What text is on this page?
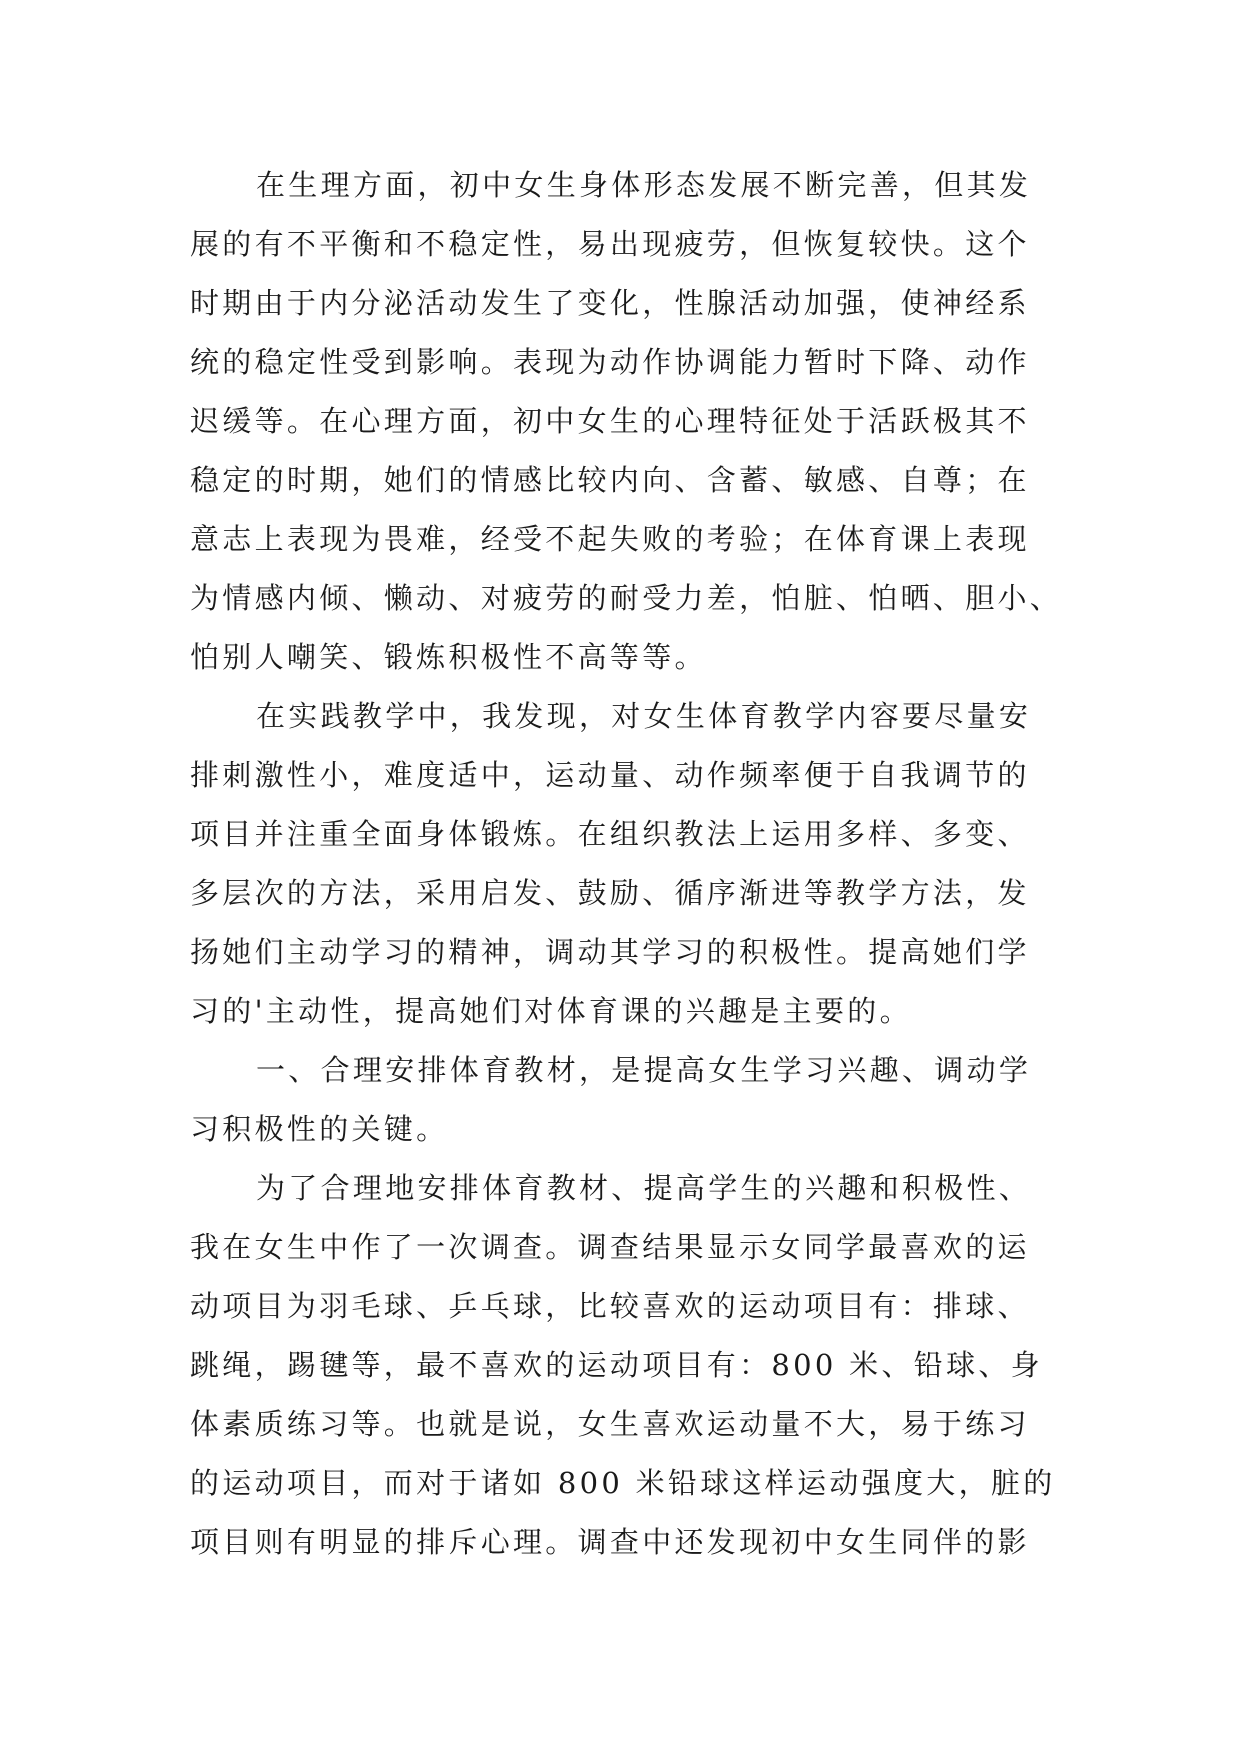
在生理方面，初中女生身体形态发展不断完善，但其发
展的有不平衡和不稳定性，易出现疲劳，但恢复较快。这个
时期由于内分泌活动发生了变化，性腺活动加强，使神经系
统的稳定性受到影响。表现为动作协调能力暂时下降、动作
迟缓等。在心理方面，初中女生的心理特征处于活跃极其不
稳定的时期，她们的情感比较内向、含蓄、敏感、自尊；在
意志上表现为畏难，经受不起失败的考验；在体育课上表现
为情感内倾、懒动、对疲劳的耐受力差，怕脏、怕晒、胆小、
怕别人嘲笑、锻炼积极性不高等等。
在实践教学中，我发现，对女生体育教学内容要尽量安
排刺激性小，难度适中，运动量、动作频率便于自我调节的
项目并注重全面身体锻炼。在组织教法上运用多样、多变、
多层次的方法，采用启发、鼓励、循序渐进等教学方法，发
扬她们主动学习的精神，调动其学习的积极性。提高她们学
习的'主动性，提高她们对体育课的兴趣是主要的。
一、合理安排体育教材，是提高女生学习兴趣、调动学
习积极性的关键。
为了合理地安排体育教材、提高学生的兴趣和积极性、
我在女生中作了一次调查。调查结果显示女同学最喜欢的运
动项目为羽毛球、乒乓球，比较喜欢的运动项目有：排球、
跳绳，踢毽等，最不喜欢的运动项目有：800 米、铅球、身
体素质练习等。也就是说，女生喜欢运动量不大，易于练习
的运动项目，而对于诸如 800 米铅球这样运动强度大，脏的
项目则有明显的排斥心理。调查中还发现初中女生同伴的影
